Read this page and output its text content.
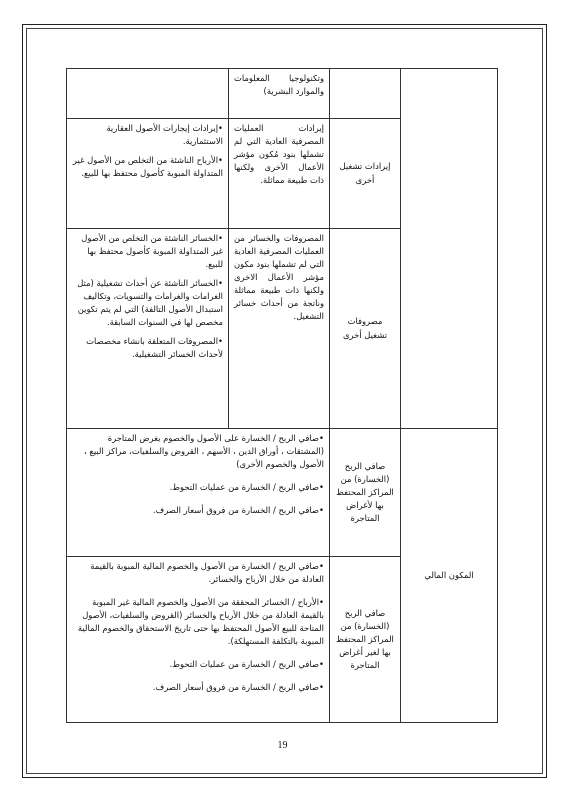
		وتكنولوجيا المعلومات والموارد البشرية)	

	إيرادات تشغيل أخرى	إيرادات العمليات المصرفية العادية التي لم تشملها بنود مُكون مؤشر الأعمال الأخرى ولكنها ذات طبيعة مماثلة.	• إيرادات إيجارات الأصول العقارية الاستثمارية.

• الأرباح الناشئة من التخلص من الأصول غير المتداولة المبوبة كأصول محتفظ بها للبيع.

	مصروفات تشغيل أخرى	المصروفات والخسائر من العمليات المصرفية العادية التي لم تشملها بنود مكون مؤشر الأعمال الاخرى ولكنها ذات طبيعة مماثلة وناتجة من أحداث خسائر التشغيل.	• الخسائر الناشئة من التخلص من الأصول غير المتداولة المبوبة كأصول محتفظ بها للبيع.

• الخسائر الناشئة عن أحداث تشغيلية (مثل الغرامات والغرامات والتسويات، وتكاليف استبدال الأصول التالفة) التي لم يتم تكوين مخصص لها في السنوات السابقة.

• المصروفات المتعلقة بانشاء مخصصات لأحداث الخسائر التشغيلية.

المكون المالي	صافي الربح (الخسارة) من المراكز المحتفظ بها لأغراض المتاجرة	• صافي الربح / الخسارة على الأصول والخصوم بغرض المتاجرة (المشتقات ، أوراق الدين ، الأسهم ، القروض والسلفيات، مراكز البيع ، الأصول والخصوم الأخرى)

• صافي الربح / الخسارة من عمليات التحوط.

• صافي الربح / الخسارة من فروق أسعار الصرف.

	صافي الربح (الخسارة) من المراكز المحتفظ بها لغير أغراض المتاجرة	• صافي الربح / الخسارة من الأصول والخصوم المالية المبوبة بالقيمة العادلة من خلال الأرباح والخسائر.

• الأرباح / الخسائر المحققة من الأصول والخصوم المالية غير المبوبة بالقيمة العادلة من خلال الأرباح والخسائر (القروض والسلفيات، الأصول المتاحة للبيع الأصول المحتفظ بها حتى تاريخ الاستحقاق والخصوم المالية المبوبة بالتكلفة المستهلكة).

• صافي الربح / الخسارة من عمليات التحوط.

• صافي الربح / الخسارة من فروق أسعار الصرف.

19
